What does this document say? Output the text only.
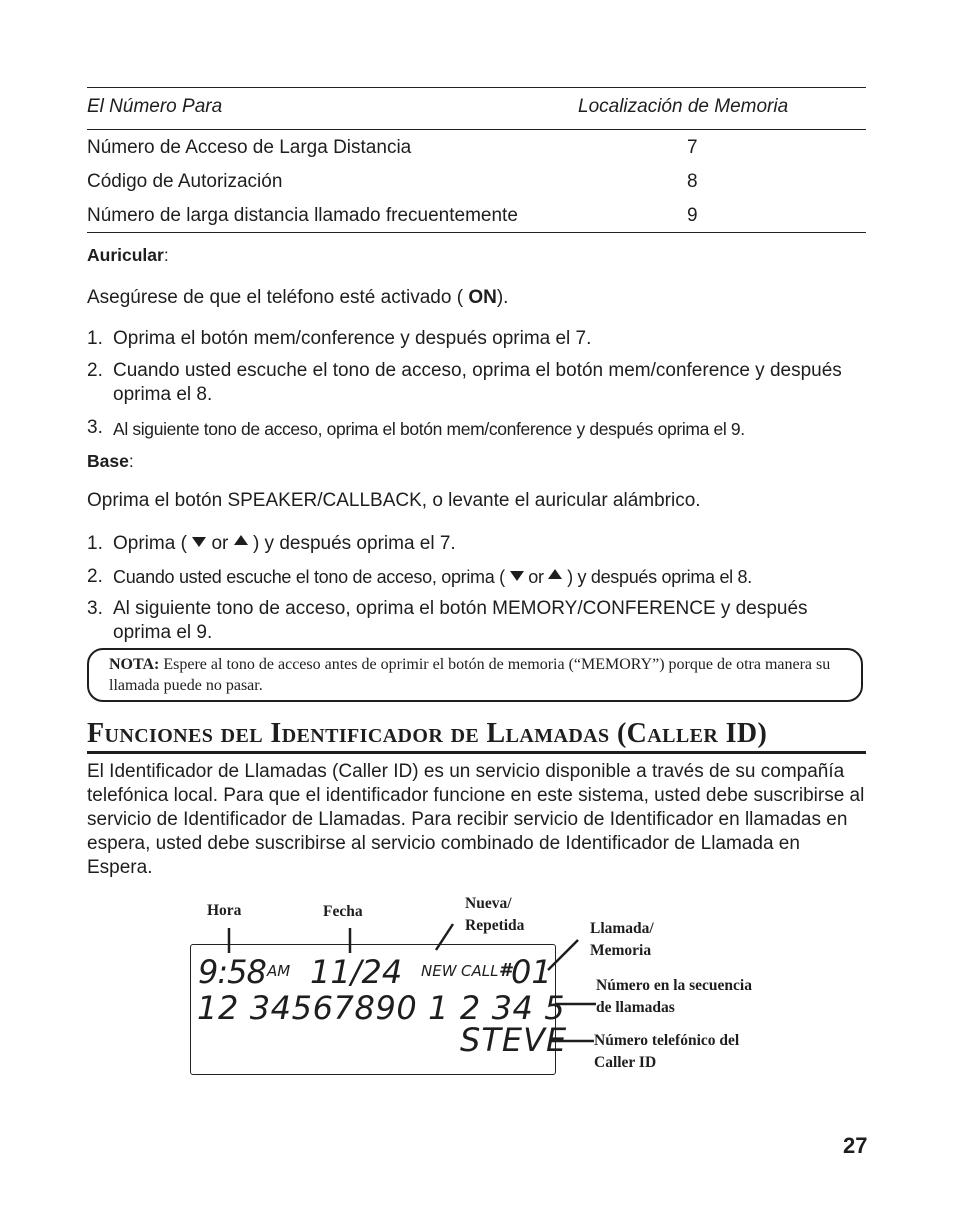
El Número Para	Localización de Memoria
Número de Acceso de Larga Distancia	7
Código de Autorización	8
Número de larga distancia llamado frecuentemente	9
Auricular:
Asegúrese de que el teléfono esté activado ( ON).
1. Oprima el botón mem/conference y después oprima el 7.
2. Cuando usted escuche el tono de acceso, oprima el botón mem/conference y después oprima el 8.
3. Al siguiente tono de acceso, oprima el botón mem/conference y después oprima el 9.
Base:
Oprima el botón SPEAKER/CALLBACK, o levante el auricular alámbrico.
1. Oprima ( or ) y después oprima el 7.
2. Cuando usted escuche el tono de acceso, oprima ( or ) y después oprima el 8.
3. Al siguiente tono de acceso, oprima el botón MEMORY/CONFERENCE y después oprima el 9.
NOTA: Espere al tono de acceso antes de oprimir el botón de memoria (“MEMORY”) porque de otra manera su llamada puede no pasar.
Funciones del Identificador de Llamadas (Caller ID)
El Identificador de Llamadas (Caller ID) es un servicio disponible a través de su compañía telefónica local. Para que el identificador funcione en este sistema, usted debe suscribirse al servicio de Identificador de Llamadas. Para recibir servicio de Identificador en llamadas en espera, usted debe suscribirse al servicio combinado de Identificador de Llamada en Espera.
9:58 AM 11/24 NEW CALL #
01
12 34567890 1 2 34 5
STEVE
Hora	Fecha	Nueva/
Repetida	Llamada/
Memoria
Número en la secuencia
de llamadas
Número telefónico del
Caller ID
27
